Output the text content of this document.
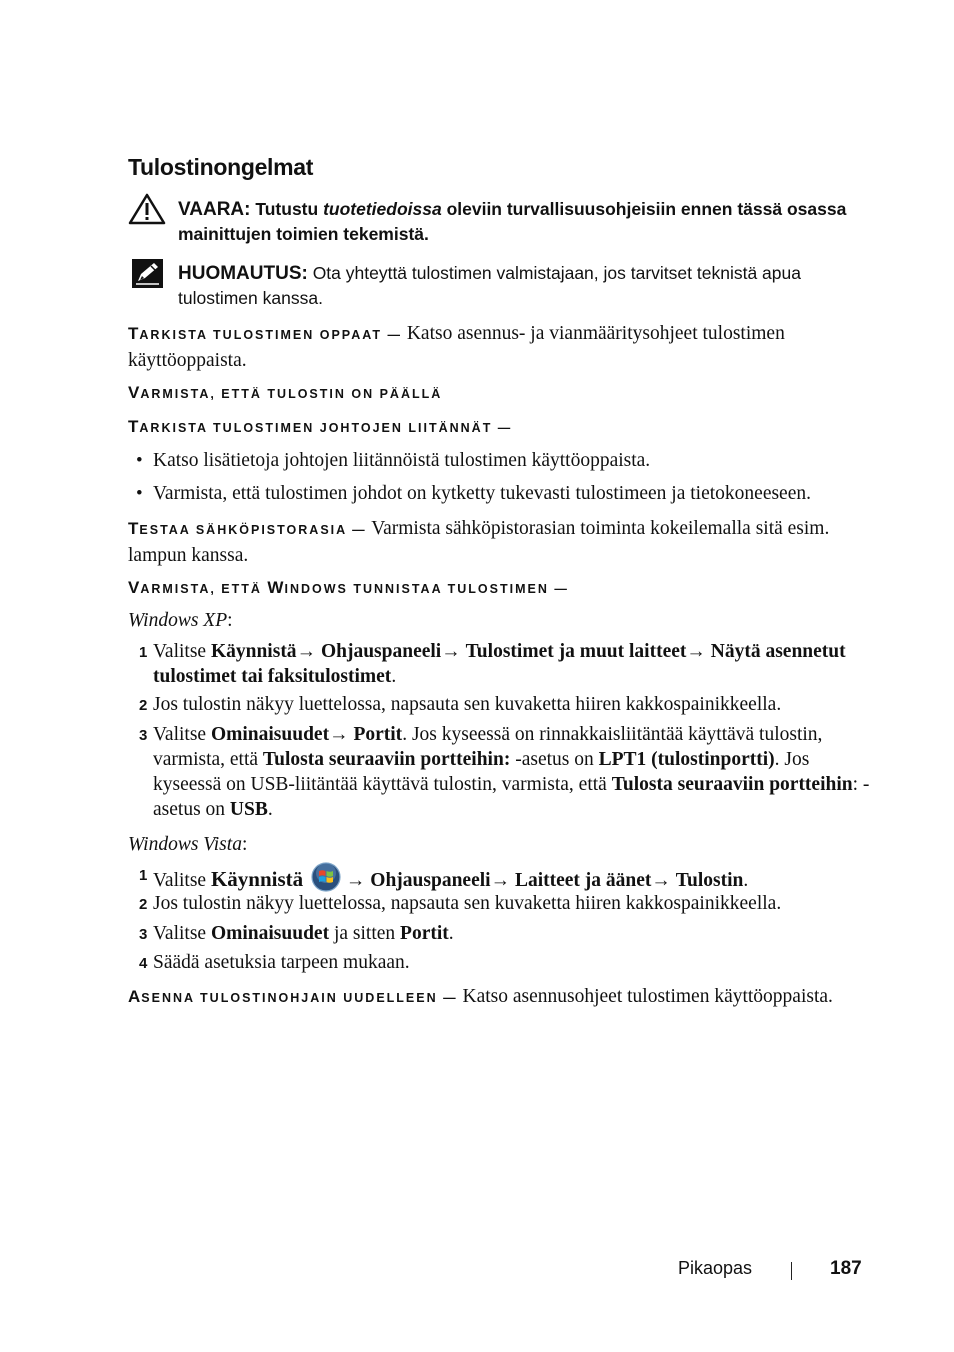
Tulostinongelmat
VAARA: Tutustu tuotetiedoissa oleviin turvallisuusohjeisiin ennen tässä osassa mainittujen toimien tekemistä.
HUOMAUTUS: Ota yhteyttä tulostimen valmistajaan, jos tarvitset teknistä apua tulostimen kanssa.
TARKISTA TULOSTIMEN OPPAAT — Katso asennus- ja vianmääritysohjeet tulostimen käyttöoppaista.
VARMISTA, ETTÄ TULOSTIN ON PÄÄLLÄ
TARKISTA TULOSTIMEN JOHTOJEN LIITÄNNÄT —
• Katso lisätietoja johtojen liitännöistä tulostimen käyttöoppaista.
• Varmista, että tulostimen johdot on kytketty tukevasti tulostimeen ja tietokoneeseen.
TESTAA SÄHKÖPISTORASIA — Varmista sähköpistorasian toiminta kokeilemalla sitä esim. lampun kanssa.
VARMISTA, ETTÄ WINDOWS TUNNISTAA TULOSTIMEN —
Windows XP:
1 Valitse Käynnistä→ Ohjauspaneeli→ Tulostimet ja muut laitteet→ Näytä asennetut tulostimet tai faksitulostimet.
2 Jos tulostin näkyy luettelossa, napsauta sen kuvaketta hiiren kakkospainikkeella.
3 Valitse Ominaisuudet→ Portit. Jos kyseessä on rinnakkaisliitäntää käyttävä tulostin, varmista, että Tulosta seuraaviin portteihin: -asetus on LPT1 (tulostinportti). Jos kyseessä on USB-liitäntää käyttävä tulostin, varmista, että Tulosta seuraaviin portteihin: -asetus on USB.
Windows Vista:
1 Valitse Käynnistä  → Ohjauspaneeli→ Laitteet ja äänet→ Tulostin.
2 Jos tulostin näkyy luettelossa, napsauta sen kuvaketta hiiren kakkospainikkeella.
3 Valitse Ominaisuudet ja sitten Portit.
4 Säädä asetuksia tarpeen mukaan.
ASENNA TULOSTINOHJAIN UUDELLEEN — Katso asennusohjeet tulostimen käyttöoppaista.
Pikaopas	187
